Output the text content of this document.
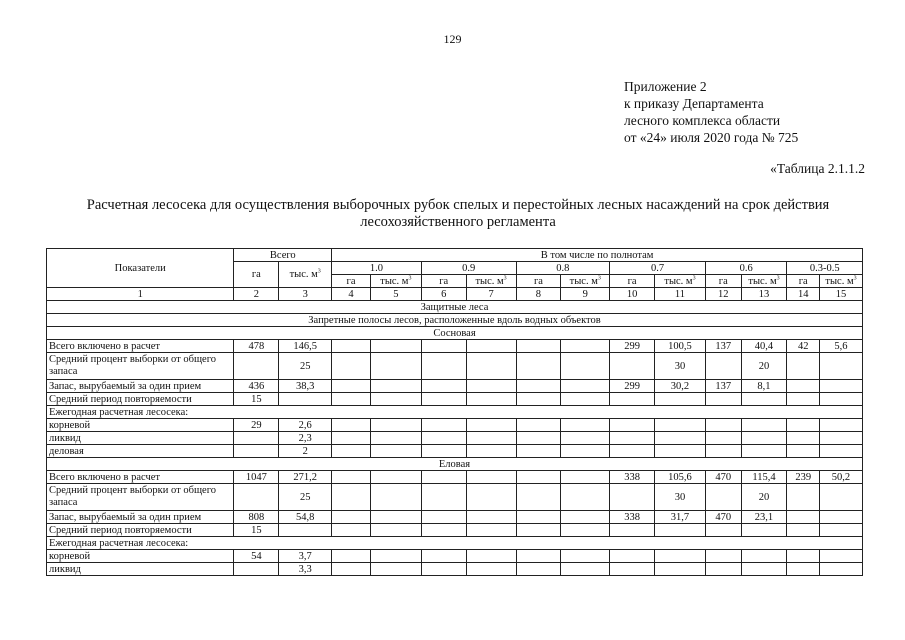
129
Приложение 2
к приказу Департамента
лесного комплекса области
от «24» июля 2020 года № 725
«Таблица 2.1.1.2
Расчетная лесосека для осуществления выборочных рубок спелых и перестойных лесных насаждений на срок действия
лесохозяйственного регламента
Показатели	Всего		В том числе по полнотам											
	га	тыс. $м^3$	1.0		0.9		0.8		0.7		0.6		0.3-0.5	
			га	тыс. $м^3$	га	тыс. $м^3$	га	тыс. $м^3$	га	тыс. $м^3$	га	тыс. $м^3$	га	тыс. $м^3$
1	2	3	4	5	6	7	8	9	10	11	12	13	14	15
Защитные леса														
Запретные полосы лесов, расположенные вдоль водных объектов														
Сосновая														
Всего включено в расчет	478	146,5							299	100,5	137	40,4	42	5,6
Средний процент выборки от общего запаса		25								30		20		
Запас, вырубаемый за один прием	436	38,3							299	30,2	137	8,1		
Средний период повторяемости	15													
Ежегодная расчетная лесосека:														
корневой	29	2,6												
ликвид		2,3												
деловая		2												
Еловая														
Всего включено в расчет	1047	271,2							338	105,6	470	115,4	239	50,2
Средний процент выборки от общего запаса		25								30		20		
Запас, вырубаемый за один прием	808	54,8							338	31,7	470	23,1		
Средний период повторяемости	15													
Ежегодная расчетная лесосека:														
корневой	54	3,7												
ликвид		3,3												
